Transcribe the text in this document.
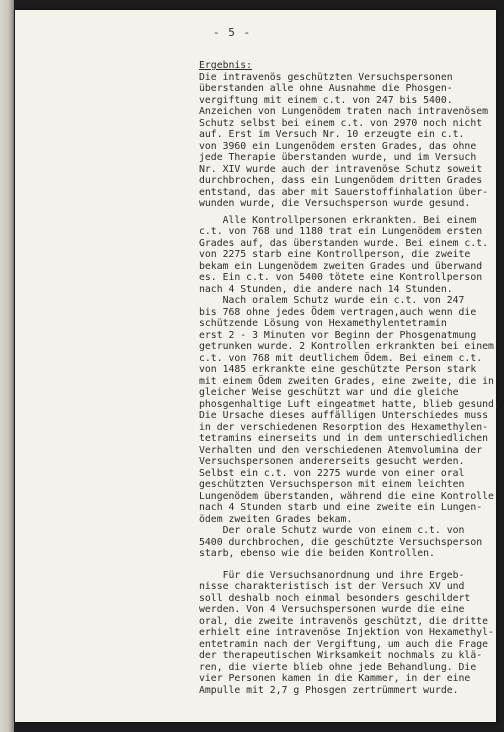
- 5 -
Ergebnis:
Die intravenös geschützten Versuchspersonen
überstanden alle ohne Ausnahme die Phosgen-
vergiftung mit einem c.t. von 247 bis 5400.
Anzeichen von Lungenödem traten nach intravenösem
Schutz selbst bei einem c.t. von 2970 noch nicht
auf. Erst im Versuch Nr. 10 erzeugte ein c.t.
von 3960 ein Lungenödem ersten Grades, das ohne
jede Therapie überstanden wurde, und im Versuch
Nr. XIV wurde auch der intravenöse Schutz soweit
durchbrochen, dass ein Lungenödem dritten Grades
entstand, das aber mit Sauerstoffinhalation über-
wunden wurde, die Versuchsperson wurde gesund.
Alle Kontrollpersonen erkrankten. Bei einem
c.t. von 768 und 1180 trat ein Lungenödem ersten
Grades auf, das überstanden wurde. Bei einem c.t.
von 2275 starb eine Kontrollperson, die zweite
bekam ein Lungenödem zweiten Grades und überwand
es. Ein c.t. von 5400 tötete eine Kontrollperson
nach 4 Stunden, die andere nach 14 Stunden.
Nach oralem Schutz wurde ein c.t. von 247
bis 768 ohne jedes Ödem vertragen,auch wenn die
schützende Lösung von Hexamethylentetramin
erst 2 - 3 Minuten vor Beginn der Phosgenatmung
getrunken wurde. 2 Kontrollen erkrankten bei einem
c.t. von 768 mit deutlichem Ödem. Bei einem c.t.
von 1485 erkrankte eine geschützte Person stark
mit einem Ödem zweiten Grades, eine zweite, die in
gleicher Weise geschützt war und die gleiche
phosgenhaltige Luft eingeatmet hatte, blieb gesund.
Die Ursache dieses auffälligen Unterschiedes muss
in der verschiedenen Resorption des Hexamethylen-
tetramins einerseits und in dem unterschiedlichen
Verhalten und den verschiedenen Atemvolumina der
Versuchspersonen andererseits gesucht werden.
Selbst ein c.t. von 2275 wurde von einer oral
geschützten Versuchsperson mit einem leichten
Lungenödem überstanden, während die eine Kontrolle
nach 4 Stunden starb und eine zweite ein Lungen-
ödem zweiten Grades bekam.
Der orale Schutz wurde von einem c.t. von
5400 durchbrochen, die geschützte Versuchsperson
starb, ebenso wie die beiden Kontrollen.
Für die Versuchsanordnung und ihre Ergeb-
nisse charakteristisch ist der Versuch XV und
soll deshalb noch einmal besonders geschildert
werden. Von 4 Versuchspersonen wurde die eine
oral, die zweite intravenös geschützt, die dritte
erhielt eine intravenöse Injektion von Hexamethyl-
entetramin nach der Vergiftung, um auch die Frage
der therapeutischen Wirksamkeit nochmals zu klä-
ren, die vierte blieb ohne jede Behandlung. Die
vier Personen kamen in die Kammer, in der eine
Ampulle mit 2,7 g Phosgen zertrümmert wurde.
